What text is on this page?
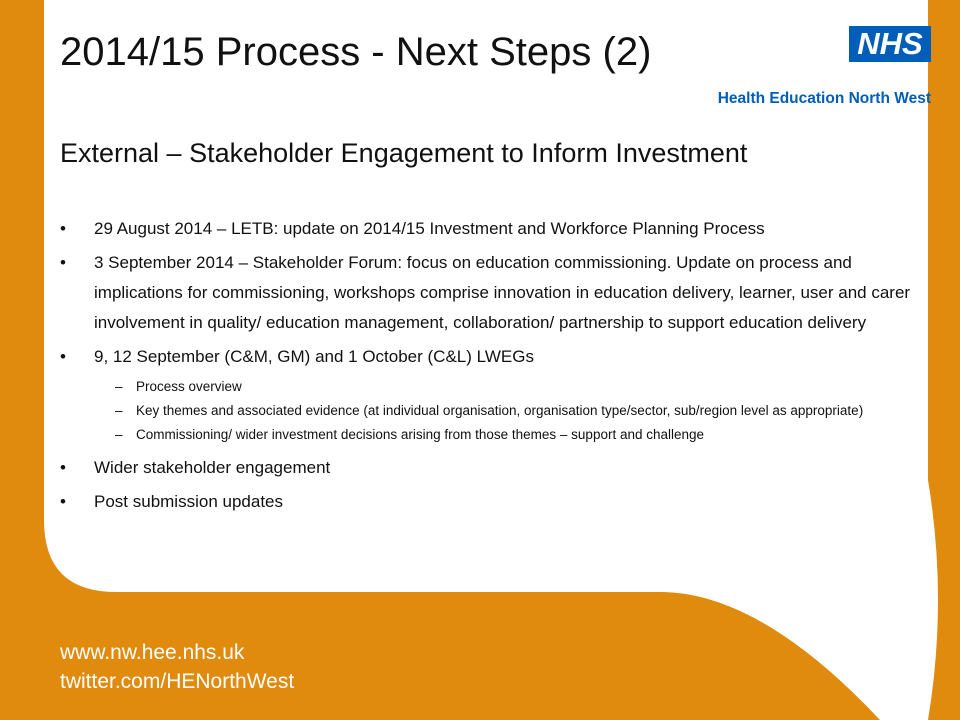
2014/15 Process - Next Steps (2)	NHS
Health Education North West
External – Stakeholder Engagement to Inform Investment
• 29 August 2014 – LETB: update on 2014/15 Investment and Workforce Planning Process
• 3 September 2014 – Stakeholder Forum: focus on education commissioning. Update on process and implications for commissioning, workshops comprise innovation in education delivery, learner, user and carer involvement in quality/ education management, collaboration/ partnership to support education delivery
• 9, 12 September (C&M, GM) and 1 October (C&L) LWEGs
– Process overview
– Key themes and associated evidence (at individual organisation, organisation type/sector, sub/region level as appropriate)
– Commissioning/ wider investment decisions arising from those themes – support and challenge
• Wider stakeholder engagement
• Post submission updates
www.nw.hee.nhs.uk
twitter.com/HENorthWest
